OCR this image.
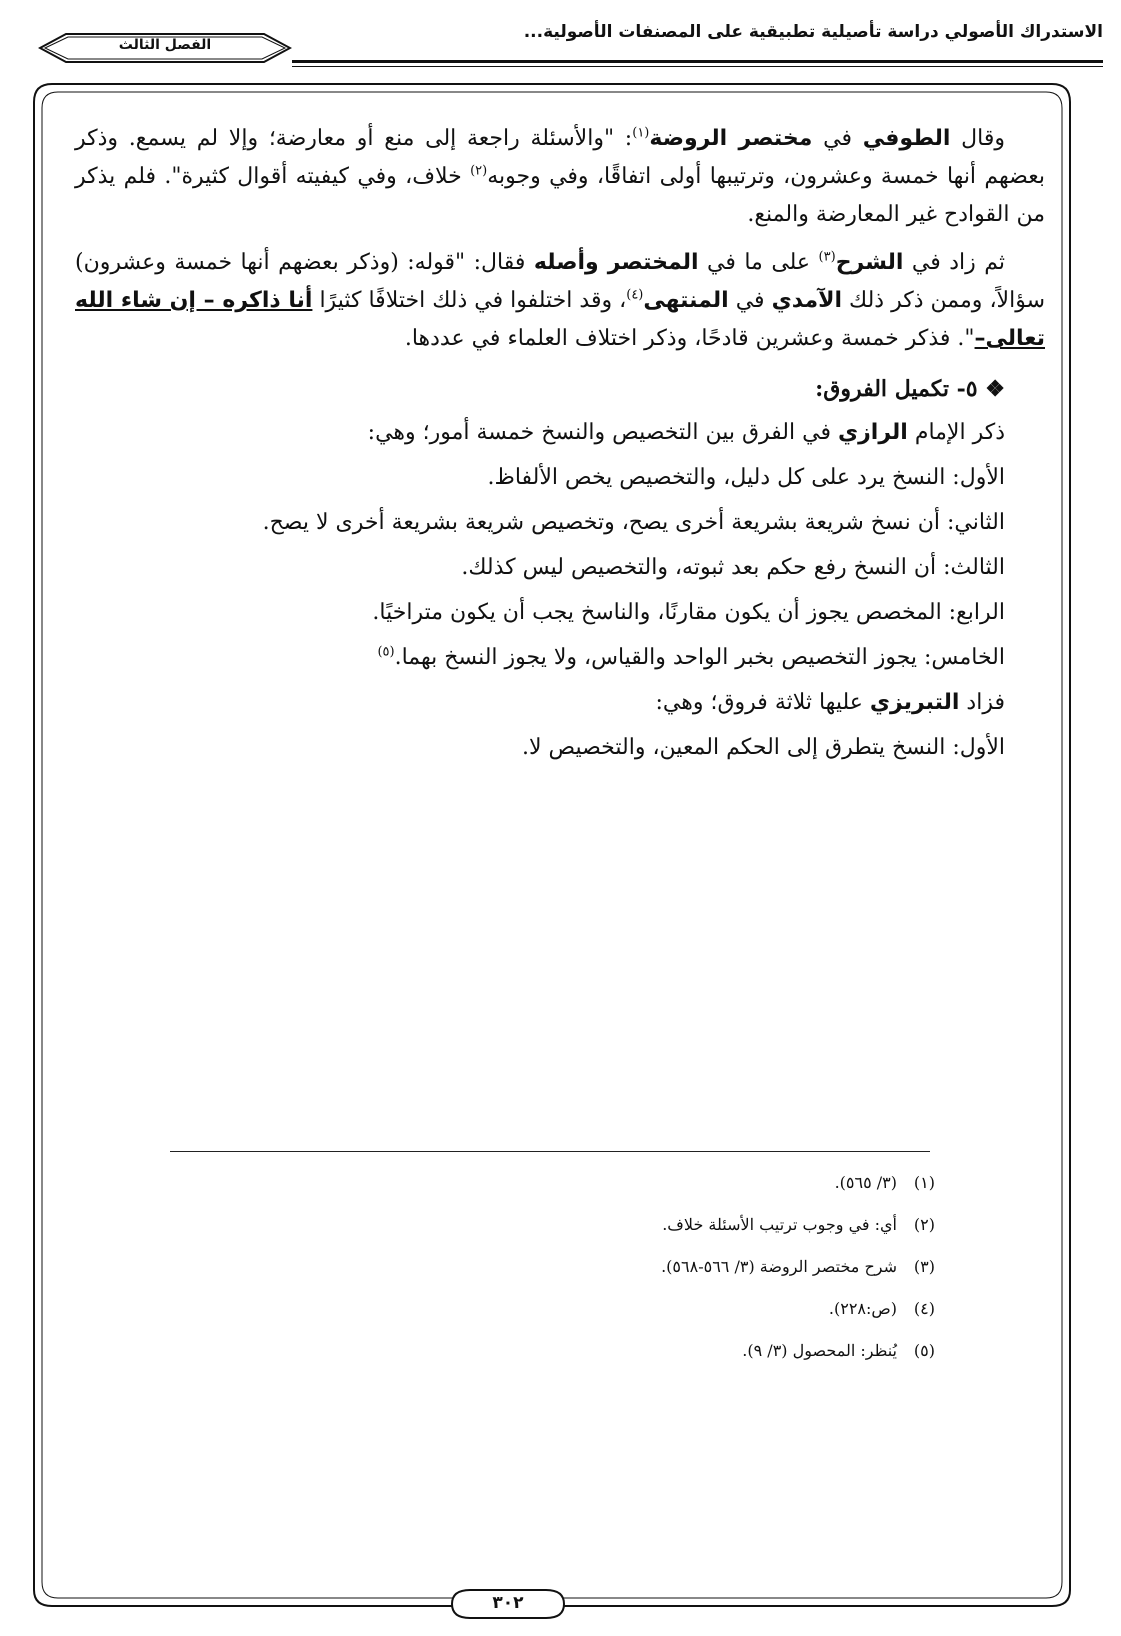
الاستدراك الأصولي دراسة تأصيلية تطبيقية على المصنفات الأصولية...
الفصل الثالث

وقال الطوفي في مختصر الروضة$^{(١)}$: "والأسئلة راجعة إلى منع أو معارضة؛ وإلا لم يسمع. وذكر بعضهم أنها خمسة وعشرون، وترتيبها أولى اتفاقًا، وفي وجوبه$^{(٢)}$ خلاف، وفي كيفيته أقوال كثيرة". فلم يذكر من القوادح غير المعارضة والمنع.

ثم زاد في الشرح$^{(٣)}$ على ما في المختصر وأصله فقال: "قوله: (وذكر بعضهم أنها خمسة وعشرون) سؤالاً، وممن ذكر ذلك الآمدي في المنتهى$^{(٤)}$، وقد اختلفوا في ذلك اختلافًا كثيرًا أنا ذاكره – إن شاء الله تعالى–". فذكر خمسة وعشرين قادحًا، وذكر اختلاف العلماء في عددها.

❖ ٥- تكميل الفروق:

ذكر الإمام الرازي في الفرق بين التخصيص والنسخ خمسة أمور؛ وهي:

الأول: النسخ يرد على كل دليل، والتخصيص يخص الألفاظ.

الثاني: أن نسخ شريعة بشريعة أخرى يصح، وتخصيص شريعة بشريعة أخرى لا يصح.

الثالث: أن النسخ رفع حكم بعد ثبوته، والتخصيص ليس كذلك.

الرابع: المخصص يجوز أن يكون مقارنًا، والناسخ يجب أن يكون متراخيًا.

الخامس: يجوز التخصيص بخبر الواحد والقياس، ولا يجوز النسخ بهما.$^{(٥)}$

فزاد التبريزي عليها ثلاثة فروق؛ وهي:

الأول: النسخ يتطرق إلى الحكم المعين، والتخصيص لا.

(١)(٣/ ٥٦٥).
(٢)أي: في وجوب ترتيب الأسئلة خلاف.
(٣)شرح مختصر الروضة (٣/ ٥٦٦-٥٦٨).
(٤)(ص:٢٢٨).
(٥)يُنظر: المحصول (٣/ ٩).
٣٠٢
